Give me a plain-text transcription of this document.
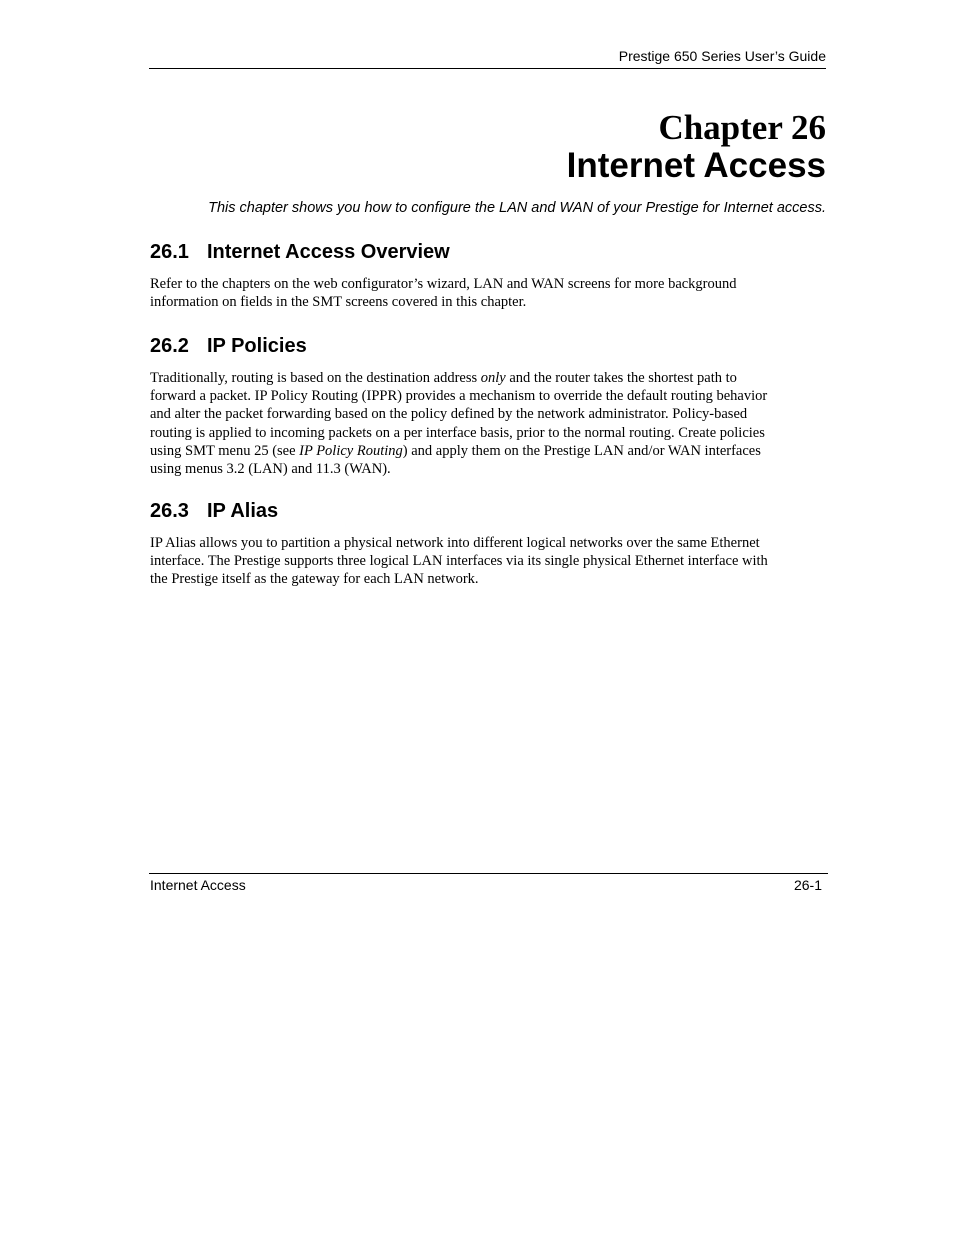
Prestige 650 Series User’s Guide
Chapter 26
Internet Access
This chapter shows you how to configure the LAN and WAN of your Prestige for Internet access.
26.1 Internet Access Overview

Refer to the chapters on the web configurator’s wizard, LAN and WAN screens for more background
information on fields in the SMT screens covered in this chapter.

26.2 IP Policies

Traditionally, routing is based on the destination address only and the router takes the shortest path to
forward a packet. IP Policy Routing (IPPR) provides a mechanism to override the default routing behavior
and alter the packet forwarding based on the policy defined by the network administrator. Policy-based
routing is applied to incoming packets on a per interface basis, prior to the normal routing. Create policies
using SMT menu 25 (see IP Policy Routing) and apply them on the Prestige LAN and/or WAN interfaces
using menus 3.2 (LAN) and 11.3 (WAN).

26.3 IP Alias

IP Alias allows you to partition a physical network into different logical networks over the same Ethernet
interface. The Prestige supports three logical LAN interfaces via its single physical Ethernet interface with
the Prestige itself as the gateway for each LAN network.

Internet Access	26-1
